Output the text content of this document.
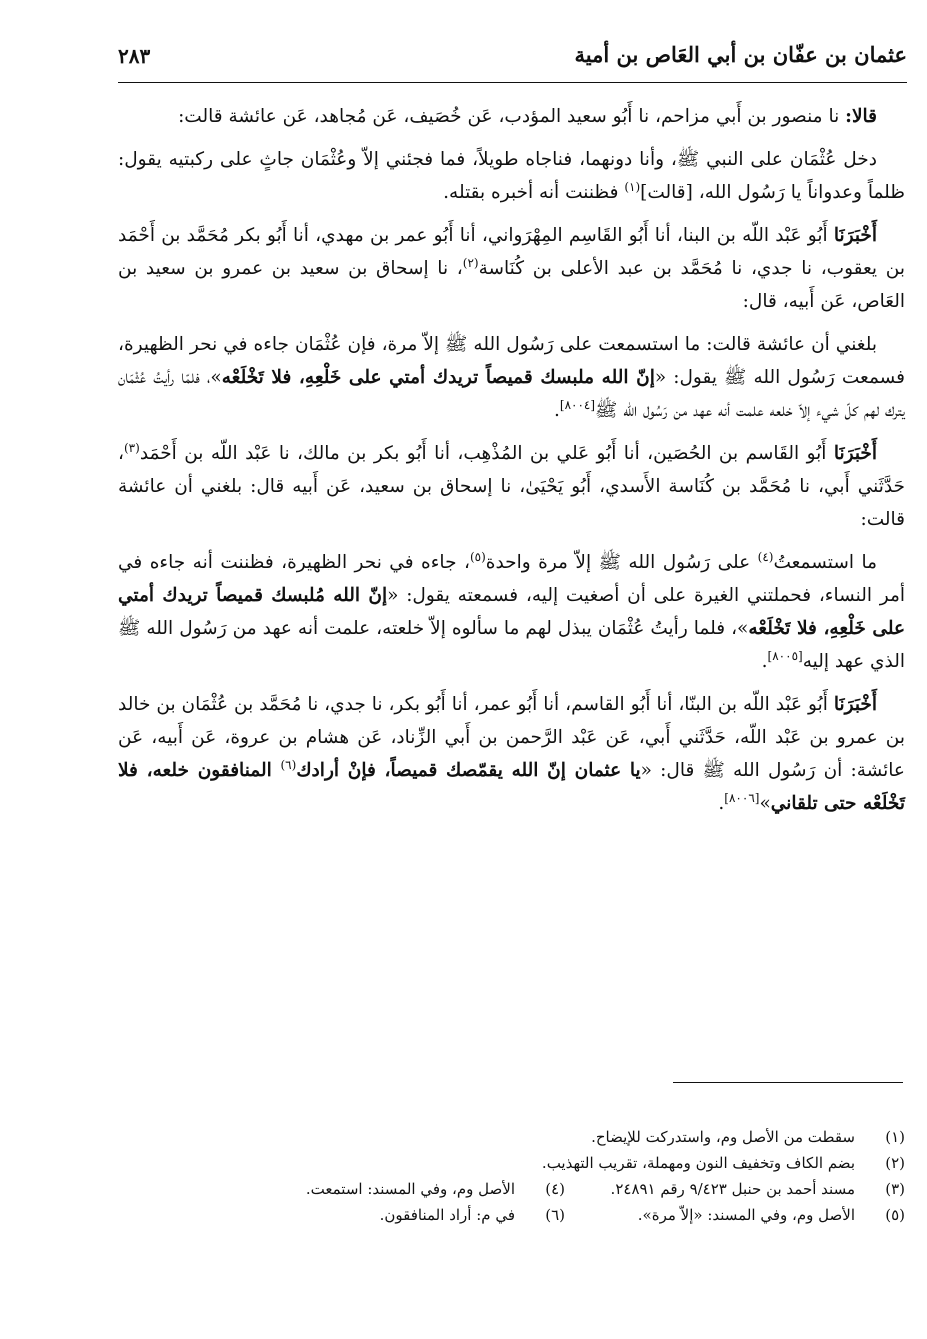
عثمان بن عفّان بن أبي العَاص بن أمية
٢٨٣

قالا: نا منصور بن أَبي مزاحم، نا أَبُو سعيد المؤدب، عَن خُصَيف، عَن مُجاهد، عَن عائشة قالت:

دخل عُثْمَان على النبي ﷺ، وأنا دونهما، فناجاه طويلاً، فما فجئني إلاّ وعُثْمَان جاثٍ على ركبتيه يقول: ظلماً وعدواناً يا رَسُول الله، [قالت]$^{(١)}$ فظننت أنه أخبره بقتله.

أَخْبَرَنَا أَبُو عَبْد اللّه بن البنا، أنا أَبُو القَاسِم المِهْرَواني، أنا أَبُو عمر بن مهدي، أنا أَبُو بكر مُحَمَّد بن أَحْمَد بن يعقوب، نا جدي، نا مُحَمَّد بن عبد الأعلى بن كُنَاسة$^{(٢)}$، نا إسحاق بن سعيد بن عمرو بن سعيد بن العَاص، عَن أَبيه، قال:

بلغني أن عائشة قالت: ما استسمعت على رَسُول الله ﷺ إلاّ مرة، فإن عُثْمَان جاءه في نحر الظهيرة، فسمعت رَسُول الله ﷺ يقول: «إنّ الله ملبسك قميصاً تريدك أمتي على خَلْعِهِ، فلا تَخْلَعْه»، فلمّا رأيتُ عُثْمَان يترك لهم كلّ شيء إلاّ خلعه علمت أنه عهد من رَسُول الله ﷺ[٨٠٠٤].

أَخْبَرَنَا أَبُو القَاسم بن الحُصَين، أنا أَبُو عَلي بن المُذْهِب، أنا أَبُو بكر بن مالك، نا عَبْد اللّه بن أَحْمَد$^{(٣)}$، حَدَّثَني أَبي، نا مُحَمَّد بن كُنَاسة الأَسدي، أَبُو يَحْيَىٰ، نا إسحاق بن سعيد، عَن أَبيه قال: بلغني أن عائشة قالت:

ما استسمعتُ$^{(٤)}$ على رَسُول الله ﷺ إلاّ مرة واحدة$^{(٥)}$، جاءه في نحر الظهيرة، فظننت أنه جاءه في أمر النساء، فحملتني الغيرة على أن أصغيت إليه، فسمعته يقول: «إنّ الله مُلبسك قميصاً تريدك أمتي على خَلْعِهِ، فلا تَخْلَعْه»، فلما رأيتُ عُثْمَان يبذل لهم ما سألوه إلاّ خلعته، علمت أنه عهد من رَسُول الله ﷺ الذي عهد إليه[٨٠٠٥].

أَخْبَرَنَا أَبُو عَبْد اللّه بن البنّا، أنا أَبُو القاسم، أنا أَبُو عمر، أنا أَبُو بكر، نا جدي، نا مُحَمَّد بن عُثْمَان بن خالد بن عمرو بن عَبْد اللّه، حَدَّثَني أَبي، عَن عَبْد الرَّحمن بن أَبي الزِّناد، عَن هشام بن عروة، عَن أَبيه، عَن عائشة: أن رَسُول الله ﷺ قال: «يا عثمان إنّ الله يقمّصك قميصاً، فإنْ أرادك$^{(٦)}$ المنافقون خلعه، فلا تَخْلَعْه حتى تلقاني»[٨٠٠٦].

(١)
سقطت من الأصل وم، واستدركت للإيضاح.
(٢)
بضم الكاف وتخفيف النون ومهملة، تقريب التهذيب.
(٣)
مسند أحمد بن حنبل ٩/٤٢٣ رقم ٢٤٨٩١.
(٤)
الأصل وم، وفي المسند: استمعت.
(٥)
الأصل وم، وفي المسند: «إلاّ مرة».
(٦)
في م: أراد المنافقون.
